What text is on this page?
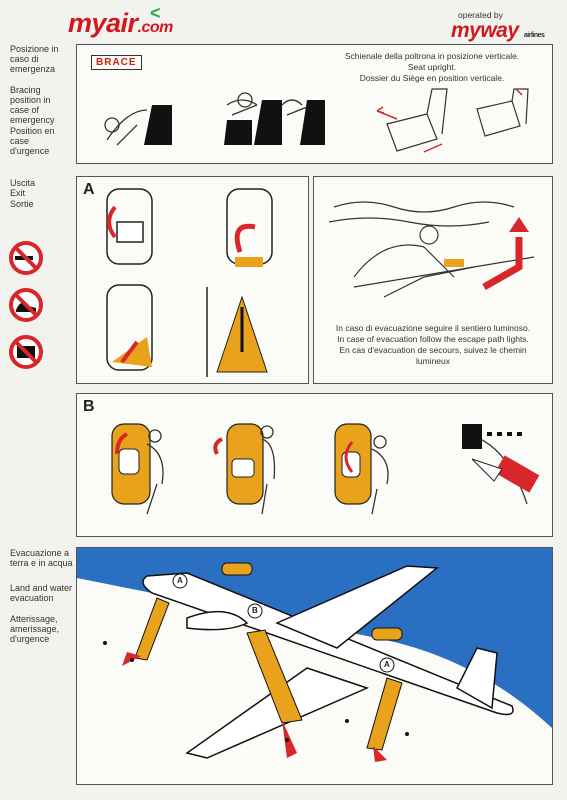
myair.com
<	operated by
myway airlines
Posizione in caso di emergenza
Bracing position in case of emergency
Position en case d'urgence
BRACE
Schienale della poltrona in posizione verticale.
Seat upright.
Dossier du Siège en position verticale.
Uscita
Exit
Sortie
A
In caso di evacuazione seguire il sentiero luminoso.
In case of evacuation follow the escape path lights.
En cas d'evacuation de secours, suivez le chemin lumineux
B
Evacuazione a terra e in acqua
Land and water evacuation
Atterissage, amerissage, d'urgence
A
B
A
